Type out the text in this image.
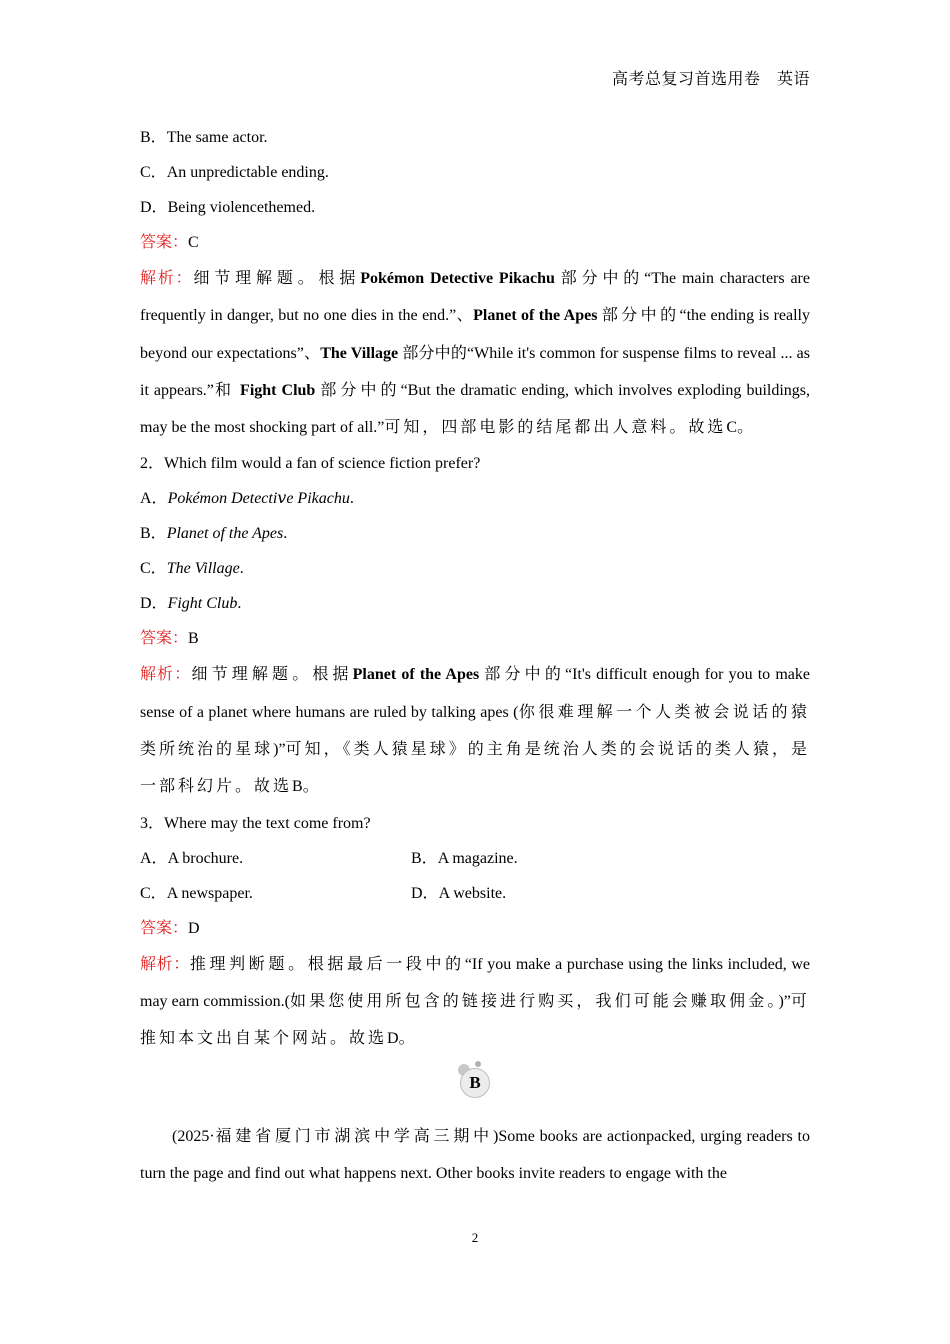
高考总复习首选用卷　英语
B．The same actor.
C．An unpredictable ending.
D．Being violencethemed.
答案：C

解析：细节理解题。根据Pokémon Detective Pikachu 部分中的“The main characters are frequently in danger, but no one dies in the end.”、Planet of the Apes 部分中的“the ending is really beyond our expectations”、The Village 部分中的“While it's common for suspense films to reveal ... as it appears.”和 Fight Club 部分中的“But the dramatic ending, which involves exploding buildings, may be the most shocking part of all.”可知，四部电影的结尾都出人意料。故选C。

2．Which film would a fan of science fiction prefer?
A．Pokémon Detectiⅴe Pikachu.
B．Planet of the Apes.
C．The Village.
D．Fight Club.
答案：B

解析：细节理解题。根据Planet of the Apes 部分中的“It's difficult enough for you to make sense of a planet where humans are ruled by talking apes (你很难理解一个人类被会说话的猿类所统治的星球)”可知，《类人猿星球》的主角是统治人类的会说话的类人猿，是一部科幻片。故选B。

3．Where may the text come from?
A．A brochure.	B．A magazine.
C．A newspaper.	D．A website.
答案：D

解析：推理判断题。根据最后一段中的“If you make a purchase using the links included, we may earn commission.(如果您使用所包含的链接进行购买，我们可能会赚取佣金。)”可推知本文出自某个网站。故选D。

B

(2025·福建省厦门市湖滨中学高三期中)Some books are actionpacked, urging readers to turn the page and find out what happens next. Other books invite readers to engage with the

2
